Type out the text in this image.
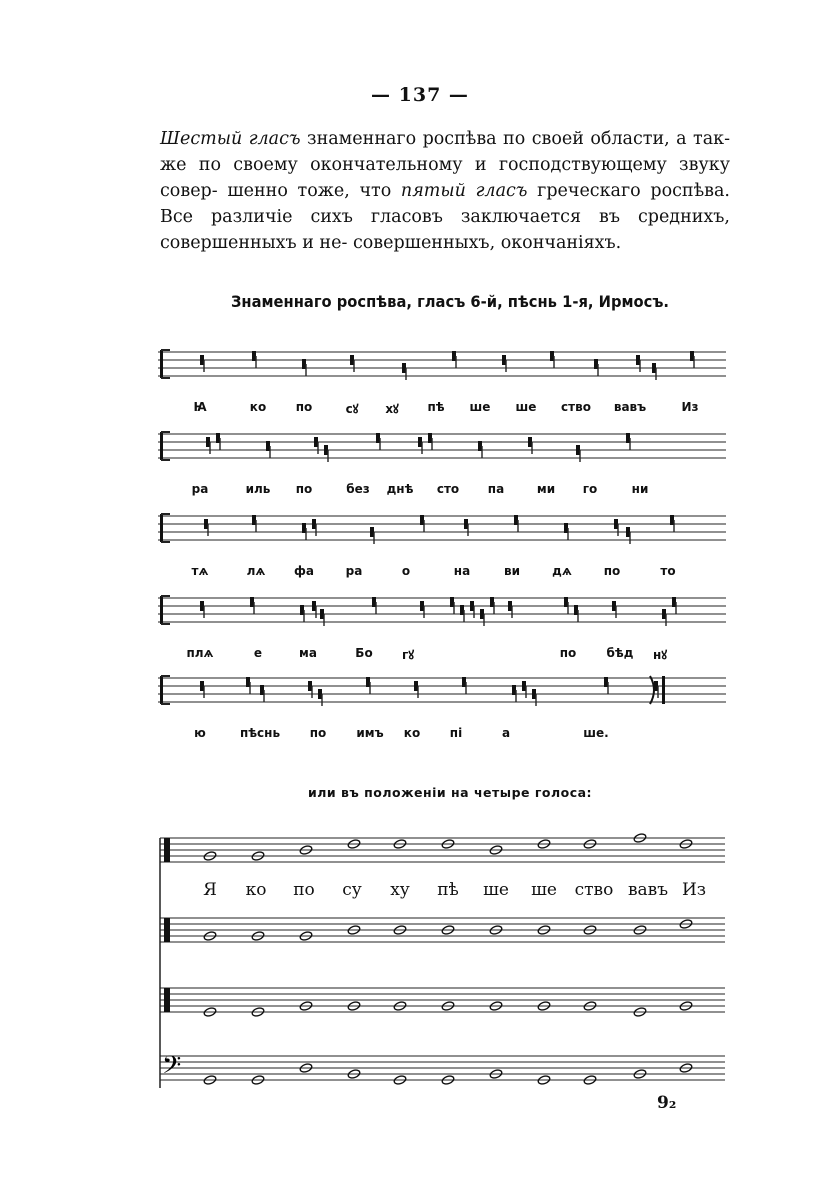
— 137 —
Шестый гласъ знаменнаго роспѣва по своей области, а так- же по своему окончательному и господствующему звуку совер- шенно тоже, что пятый гласъ греческаго роспѣва. Все различіе сихъ гласовъ заключается въ среднихъ, совершенныхъ и не- совершенныхъ, окончаніяхъ.
Знаменнаго роспѣва, гласъ 6-й, пѣснь 1-я, Ирмосъ.
Ꙗ	ко по	сꙋ хꙋ пѣ ше ше ство вавъ	Из
ра	иль по	без днѣ сто па	ми го	ни
тѧ	лѧ фа	ра	о	на	ви	дѧ	по	то
плѧ	е	ма	Бо гꙋ	по	бѣд нꙋ
ю	пѣснь по	имъ ко пі	а	ше.
или въ положеніи на четыре голоса:
𝄢
Я ко по су ху пѣ ше ше ство вавъ Из
9₂
